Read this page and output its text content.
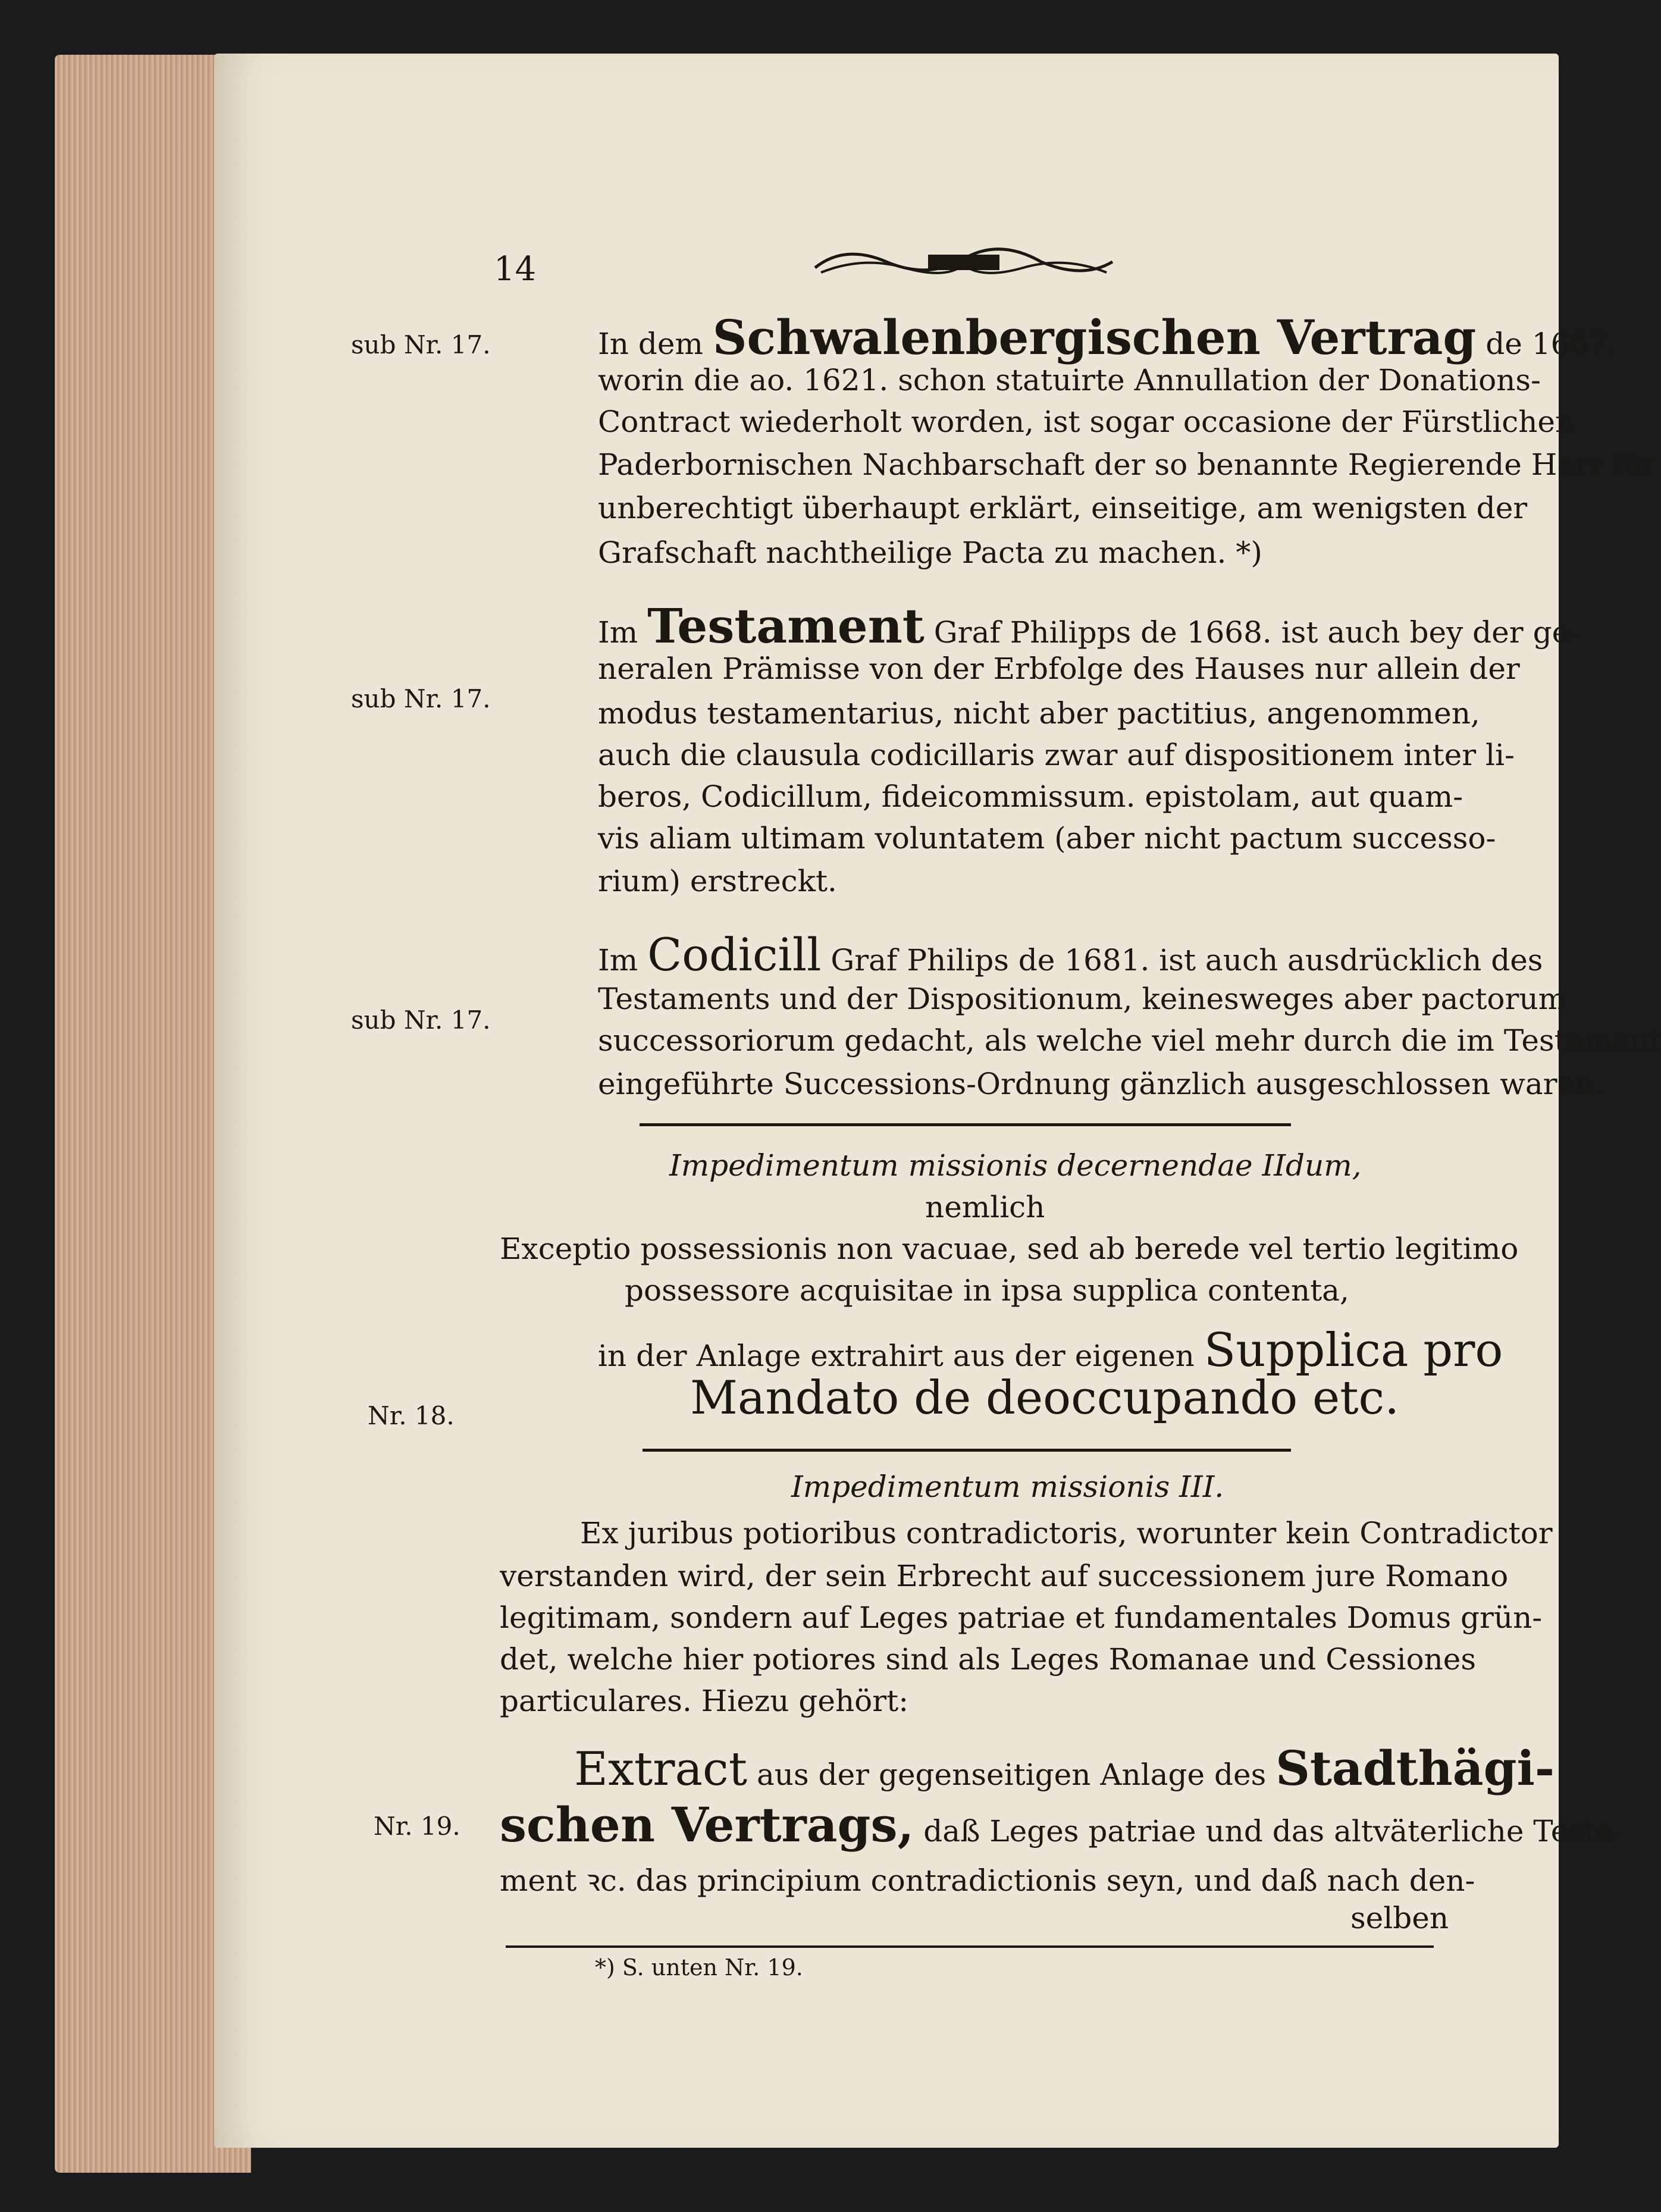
14
sub Nr. 17.
sub Nr. 17.
sub Nr. 17.
Nr. 18.
Nr. 19.
In dem Schwalenbergischen Vertrag de 1667,
worin die ao. 1621. schon statuirte Annullation der Donations-
Contract wiederholt worden, ist sogar occasione der Fürstlichen
Paderbornischen Nachbarschaft der so benannte Regierende Herr für
unberechtigt überhaupt erklärt, einseitige, am wenigsten der
Grafschaft nachtheilige Pacta zu machen. *)
Im Testament Graf Philipps de 1668. ist auch bey der ge-
neralen Prämisse von der Erbfolge des Hauses nur allein der
modus testamentarius, nicht aber pactitius, angenommen,
auch die clausula codicillaris zwar auf dispositionem inter li-
beros, Codicillum, fideicommissum. epistolam, aut quam-
vis aliam ultimam voluntatem (aber nicht pactum successo-
rium) erstreckt.
Im Codicill Graf Philips de 1681. ist auch ausdrücklich des
Testaments und der Dispositionum, keinesweges aber pactorum
successoriorum gedacht, als welche viel mehr durch die im Testament
eingeführte Successions-Ordnung gänzlich ausgeschlossen waren.
Impedimentum missionis decernendae IIdum,
nemlich
Exceptio possessionis non vacuae, sed ab berede vel tertio legitimo
possessore acquisitae in ipsa supplica contenta,
in der Anlage extrahirt aus der eigenen Supplica pro
Mandato de deoccupando etc.
Impedimentum missionis III.
Ex juribus potioribus contradictoris, worunter kein Contradictor
verstanden wird, der sein Erbrecht auf successionem jure Romano
legitimam, sondern auf Leges patriae et fundamentales Domus grün-
det, welche hier potiores sind als Leges Romanae und Cessiones
particulares. Hiezu gehört:
Extract aus der gegenseitigen Anlage des Stadthägi-
schen Vertrags, daß Leges patriae und das altväterliche Testa-
ment ꝛc. das principium contradictionis seyn, und daß nach den-
selben
*) S. unten Nr. 19.
